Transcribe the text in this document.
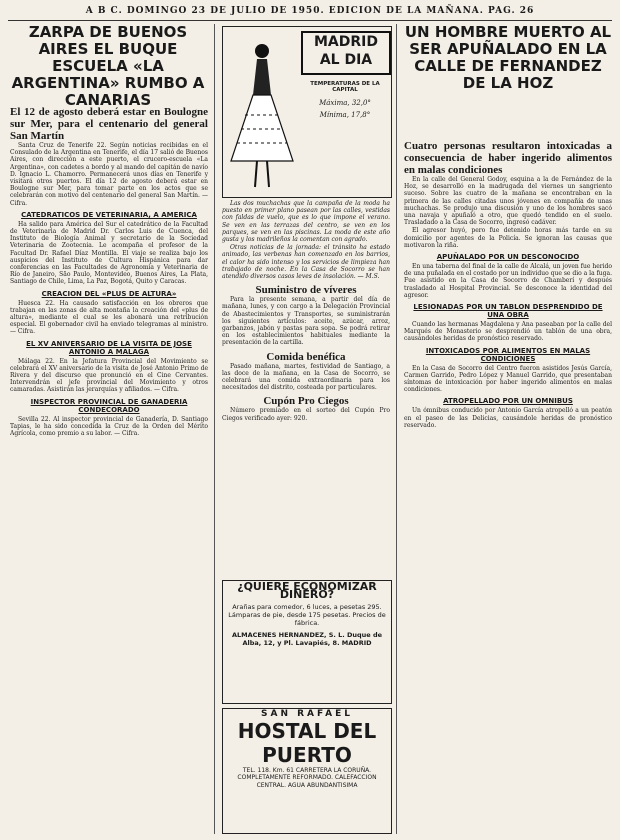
A B C. DOMINGO 23 DE JULIO DE 1950. EDICION DE LA MAÑANA. PAG. 26
ZARPA DE BUENOS AIRES EL BUQUE ESCUELA «LA ARGENTINA» RUMBO A CANARIAS
El 12 de agosto deberá estar en Boulogne sur Mer, para el centenario del general San Martín

Santa Cruz de Tenerife 22. Según noticias recibidas en el Consulado de la Argentina en Tenerife, el día 17 salió de Buenos Aires, con dirección a este puerto, el crucero-escuela «La Argentina», con cadetes a bordo y al mando del capitán de navío D. Ignacio L. Chamorro. Permanecerá unos días en Tenerife y visitará otros puertos. El día 12 de agosto deberá estar en Boulogne sur Mer, para tomar parte en los actos que se celebrarán con motivo del centenario del general San Martín. — Cifra.

CATEDRATICOS DE VETERINARIA, A AMERICA

Ha salido para América del Sur el catedrático de la Facultad de Veterinaria de Madrid Dr. Carlos Luis de Cuenca, del Instituto de Biología Animal y secretario de la Sociedad Veterinaria de Zootecnia. Le acompaña el profesor de la Facultad Dr. Rafael Díaz Montilla. El viaje se realiza bajo los auspicios del Instituto de Cultura Hispánica para dar conferencias en las Facultades de Agronomía y Veterinaria de Río de Janeiro, São Paulo, Montevideo, Buenos Aires, La Plata, Santiago de Chile, Lima, La Paz, Bogotá, Quito y Caracas.

CREACION DEL «PLUS DE ALTURA»

Huesca 22. Ha causado satisfacción en los obreros que trabajan en las zonas de alta montaña la creación del «plus de altura», mediante el cual se les abonará una retribución especial. El gobernador civil ha enviado telegramas al ministro. — Cifra.

EL XV ANIVERSARIO DE LA VISITA DE JOSE ANTONIO A MALAGA

Málaga 22. En la Jefatura Provincial del Movimiento se celebrará el XV aniversario de la visita de José Antonio Primo de Rivera y del discurso que pronunció en el Cine Cervantes. Intervendrán el jefe provincial del Movimiento y otros camaradas. Asistirán las jerarquías y afiliados. — Cifra.

INSPECTOR PROVINCIAL DE GANADERIA CONDECORADO

Sevilla 22. Al inspector provincial de Ganadería, D. Santiago Tapias, le ha sido concedida la Cruz de la Orden del Mérito Agrícola, como premio a su labor. — Cifra.

MADRID
AL DIA
TEMPERATURAS DE LA CAPITAL
Máxima, 32,0°
Mínima, 17,8°

Las dos muchachas que la campaña de la moda ha puesto en primer plano pasean por las calles, vestidas con faldas de vuelo, que es lo que impone el verano. Se ven en las terrazas del centro, se ven en los parques, se ven en las piscinas. La moda de este año gusta y los madrileños la comentan con agrado.

Otras noticias de la jornada: el tránsito ha estado animado, las verbenas han comenzado en los barrios, el calor ha sido intenso y los servicios de limpieza han trabajado de noche. En la Casa de Socorro se han atendido diversos casos leves de insolación. — M.S.

Suministro de víveres

Para la presente semana, a partir del día de mañana, lunes, y con cargo a la Delegación Provincial de Abastecimientos y Transportes, se suministrarán los siguientes artículos: aceite, azúcar, arroz, garbanzos, jabón y pastas para sopa. Se podrá retirar en los establecimientos habituales mediante la presentación de la cartilla.

Comida benéfica

Pasado mañana, martes, festividad de Santiago, a las doce de la mañana, en la Casa de Socorro, se celebrará una comida extraordinaria para los necesitados del distrito, costeada por particulares.

Cupón Pro Ciegos

Número premiado en el sorteo del Cupón Pro Ciegos verificado ayer: 920.

¿QUIERE ECONOMIZAR DINERO?
Arañas para comedor, 6 luces, a pesetas 295. Lámparas de pie, desde 175 pesetas. Precios de fábrica.
ALMACENES HERNANDEZ, S. L. Duque de Alba, 12, y Pl. Lavapiés, 8. MADRID
SAN RAFAEL
HOSTAL DEL PUERTO
TEL. 118. Km. 61 CARRETERA LA CORUÑA. COMPLETAMENTE REFORMADO. CALEFACCION CENTRAL. AGUA ABUNDANTISIMA
UN HOMBRE MUERTO AL SER APUÑALADO EN LA CALLE DE FERNANDEZ DE LA HOZ
Cuatro personas resultaron intoxicadas a consecuencia de haber ingerido alimentos en malas condiciones

En la calle del General Godoy, esquina a la de Fernández de la Hoz, se desarrolló en la madrugada del viernes un sangriento suceso. Sobre las cuatro de la mañana se encontraban en la primera de las calles citadas unos jóvenes en compañía de unas muchachas. Se produjo una discusión y uno de los hombres sacó una navaja y apuñaló a otro, que quedó tendido en el suelo. Trasladado a la Casa de Socorro, ingresó cadáver.

El agresor huyó, pero fue detenido horas más tarde en su domicilio por agentes de la Policía. Se ignoran las causas que motivaron la riña.

APUÑALADO POR UN DESCONOCIDO

En una taberna del final de la calle de Alcalá, un joven fue herido de una puñalada en el costado por un individuo que se dio a la fuga. Fue asistido en la Casa de Socorro de Chamberí y después trasladado al Hospital Provincial. Se desconoce la identidad del agresor.

LESIONADAS POR UN TABLON DESPRENDIDO DE UNA OBRA

Cuando las hermanas Magdalena y Ana paseaban por la calle del Marqués de Monasterio se desprendió un tablón de una obra, causándoles heridas de pronóstico reservado.

INTOXICADOS POR ALIMENTOS EN MALAS CONDICIONES

En la Casa de Socorro del Centro fueron asistidos Jesús García, Carmen Garrido, Pedro López y Manuel Garrido, que presentaban síntomas de intoxicación por haber ingerido alimentos en malas condiciones.

ATROPELLADO POR UN OMNIBUS

Un ómnibus conducido por Antonio García atropelló a un peatón en el paseo de las Delicias, causándole heridas de pronóstico reservado.
